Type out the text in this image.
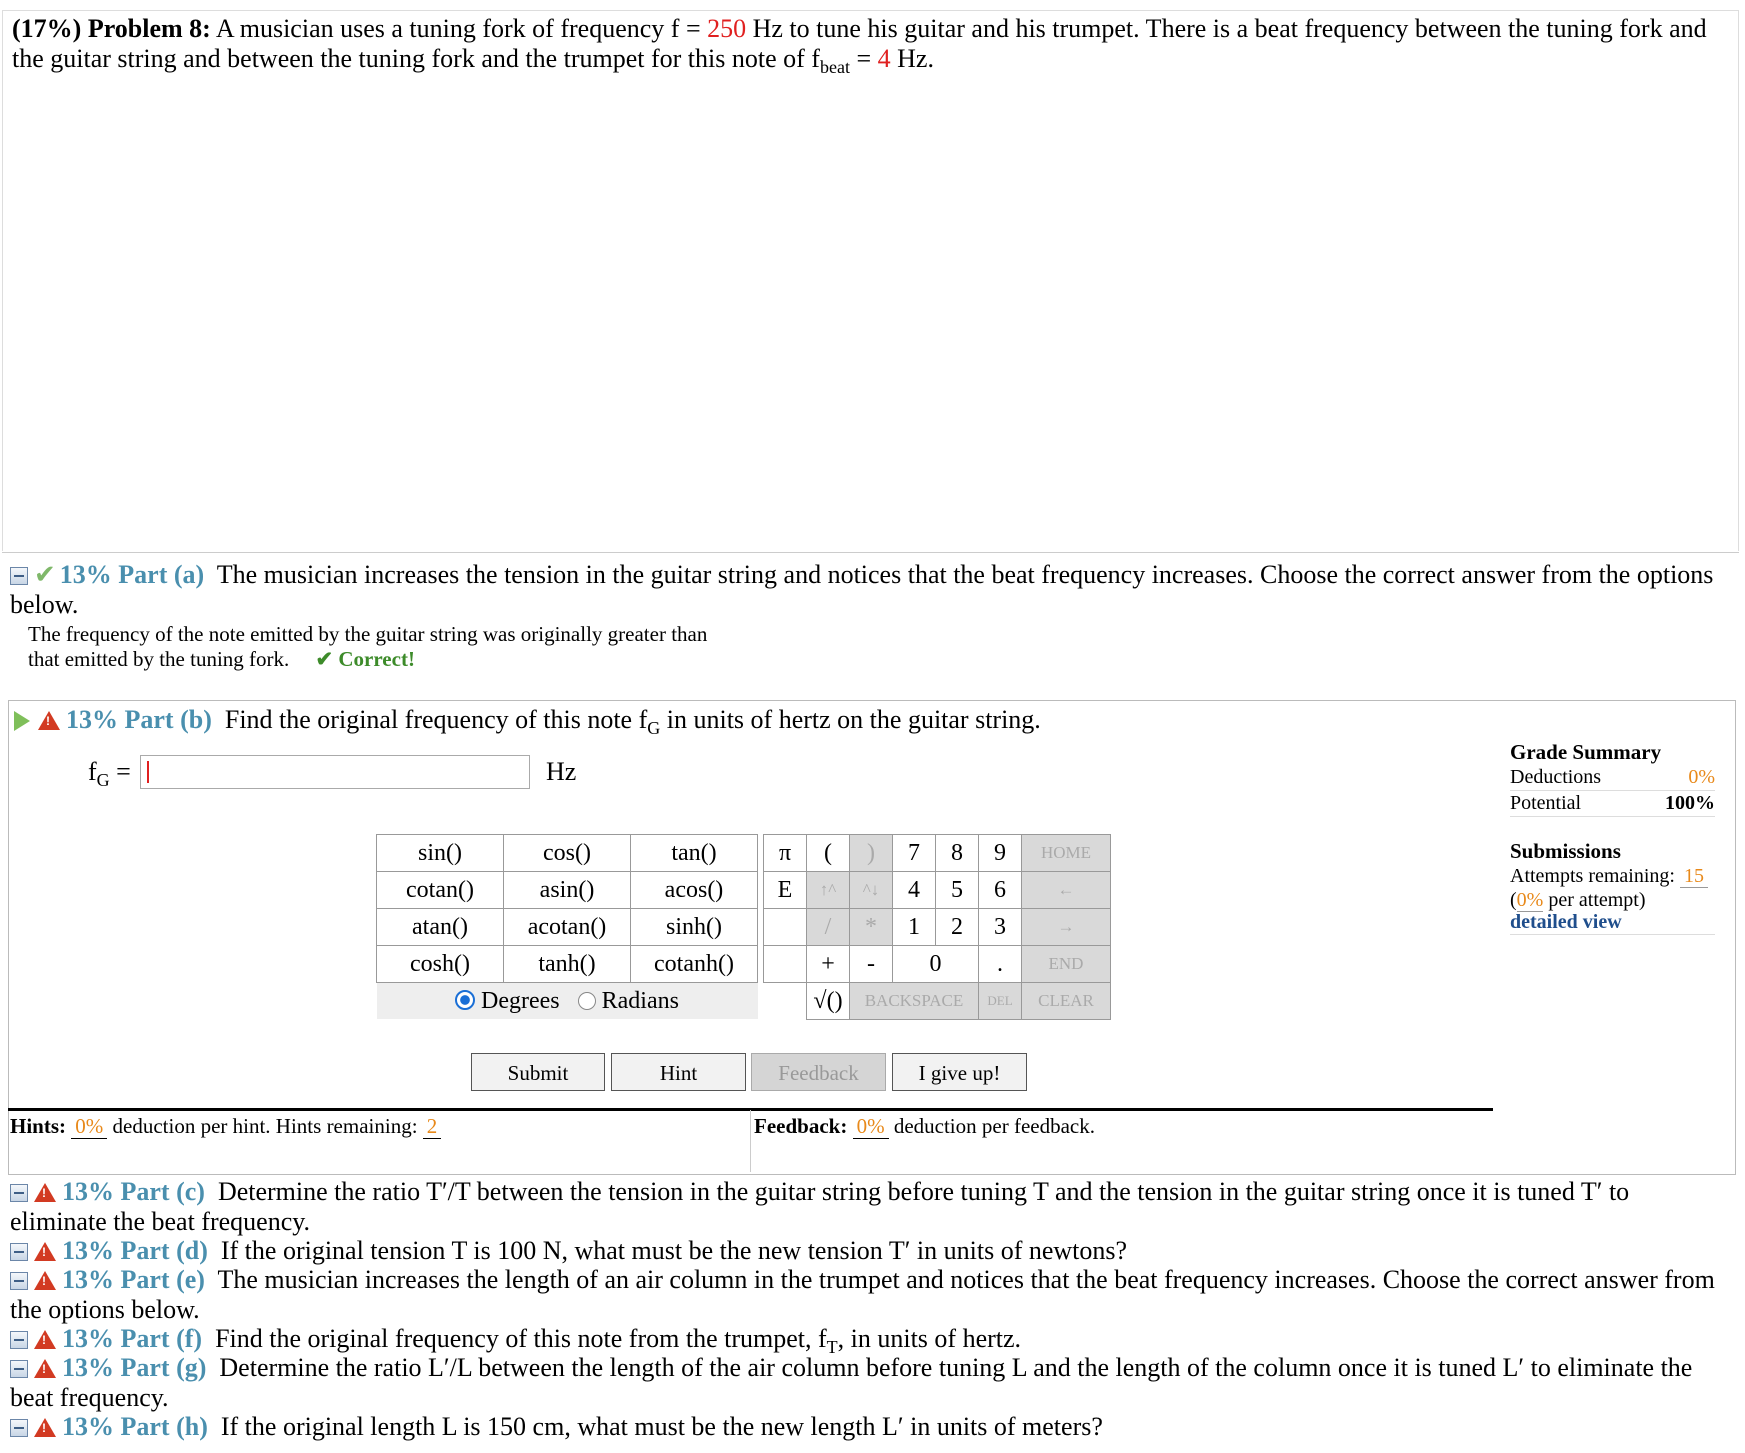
(17%) Problem 8: A musician uses a tuning fork of frequency f = 250 Hz to tune his guitar and his trumpet. There is a beat frequency between the tuning fork and the guitar string and between the tuning fork and the trumpet for this note of $f_{beat} = 4$ Hz.
✔ 13% Part (a) The musician increases the tension in the guitar string and notices that the beat frequency increases. Choose the correct answer from the options below.
The frequency of the note emitted by the guitar string was originally greater than
that emitted by the tuning fork. ✔ Correct!
!13% Part (b) Find the original frequency of this note $f_G$ in units of hertz on the guitar string.
$f_G$ =	Hz
sin()	cos()	tan()
cotan()	asin()	acos()
atan()	acotan()	sinh()
cosh()	tanh()	cotanh()
Degrees Radians		
π	(	)	7	8	9	HOME
E	↑^	^↓	4	5	6	←
	/	*	1	2	3	→
	+	-	0		.	END
	√()	BACKSPACE			DEL	CLEAR
Submit	Hint	Feedback	I give up!
Grade Summary
Deductions	0%
Potential	100%
Submissions
Attempts remaining: 15
(0% per attempt)
detailed view
Hints: 0% deduction per hint. Hints remaining: 2	Feedback: 0% deduction per feedback.
!13% Part (c) Determine the ratio T′/T between the tension in the guitar string before tuning T and the tension in the guitar string once it is tuned T′ to eliminate the beat frequency.
!13% Part (d) If the original tension T is 100 N, what must be the new tension T′ in units of newtons?
!13% Part (e) The musician increases the length of an air column in the trumpet and notices that the beat frequency increases. Choose the correct answer from the options below.
!13% Part (f) Find the original frequency of this note from the trumpet, $f_T$, in units of hertz.
!13% Part (g) Determine the ratio L′/L between the length of the air column before tuning L and the length of the column once it is tuned L′ to eliminate the beat frequency.
!13% Part (h) If the original length L is 150 cm, what must be the new length L′ in units of meters?
